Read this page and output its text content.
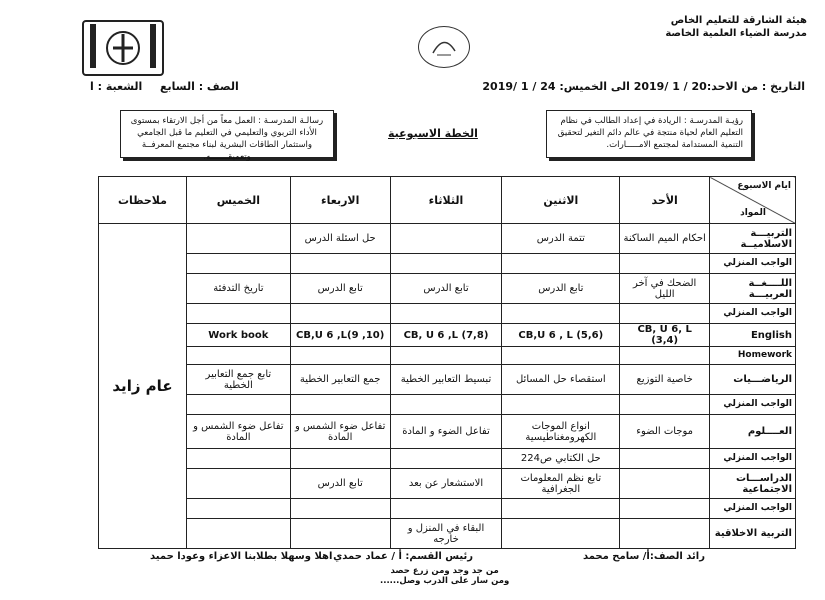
هيئة الشارقة للتعليم الخاص
مدرسة الضياء العلمية الخاصة
التاريخ : من الاحد:20 / 1 /2019 الى الخميس: 24 / 1 /2019
الصف : السابع
الشعبة : ا
رسالـة المدرسـة : العمل معاً من أجل الارتقاء بمستوى الأداء التربوي والتعليمي في التعليم ما قبل الجامعي واستثمار الطاقات البشرية لبناء مجتمع المعرفــة وتعميقـــــــه.
رؤيـة المدرسـة : الريادة في إعداد الطالب في نظام التعليم العام لحياة منتجة في عالم دائم التغير لتحقيق التنمية المستدامة لمجتمع الامـــــارات.
الخطة الاسبوعية
ايام الاسبوع
المواد	الأحد	الاثنين	الثلاثاء	الاربعاء	الخميس	ملاحظات
التربيـــة الاسلاميــة	احكام الميم الساكنة	تتمة الدرس		حل اسئلة الدرس		عام زايد
الواجب المنزلي						
اللــــغــة العربيـــة	الضحك في آخر الليل	تابع الدرس	تابع الدرس	تابع الدرس	تاريخ التدفئة	
الواجب المنزلي						
English	CB, U 6, L (3,4)	CB,U 6 , L (5,6)	CB, U 6 ,L (7,8)	CB,U 6 ,L(9 ,10)	Work book	
Homework						
الرياضـــيات	خاصية التوزيع	استقصاء حل المسائل	تبسيط التعابير الخطية	جمع التعابير الخطية	تابع جمع التعابير الخطية	
الواجب المنزلي						
العــــلوم	موجات الضوء	انواع الموجات الكهرومغناطيسية	تفاعل الضوء و المادة	تفاعل ضوء الشمس و المادة	تفاعل ضوء الشمس و المادة	
الواجب المنزلي		حل الكتابي ص224				
الدراســـات الاجتماعية		تابع نظم المعلومات الجغرافية	الاستشعار عن بعد	تابع الدرس		
الواجب المنزلي						
التربية الاخلاقية			البقاء في المنزل و خارجه			
رائد الصف:أ/ سامح محمد
رئيس القسم: أ / عماد حمدي
اهلا وسهلا بطلابنا الاعزاء وعودا حميد
من جد وجد ومن زرع حصد
ومن سار على الدرب وصل......
